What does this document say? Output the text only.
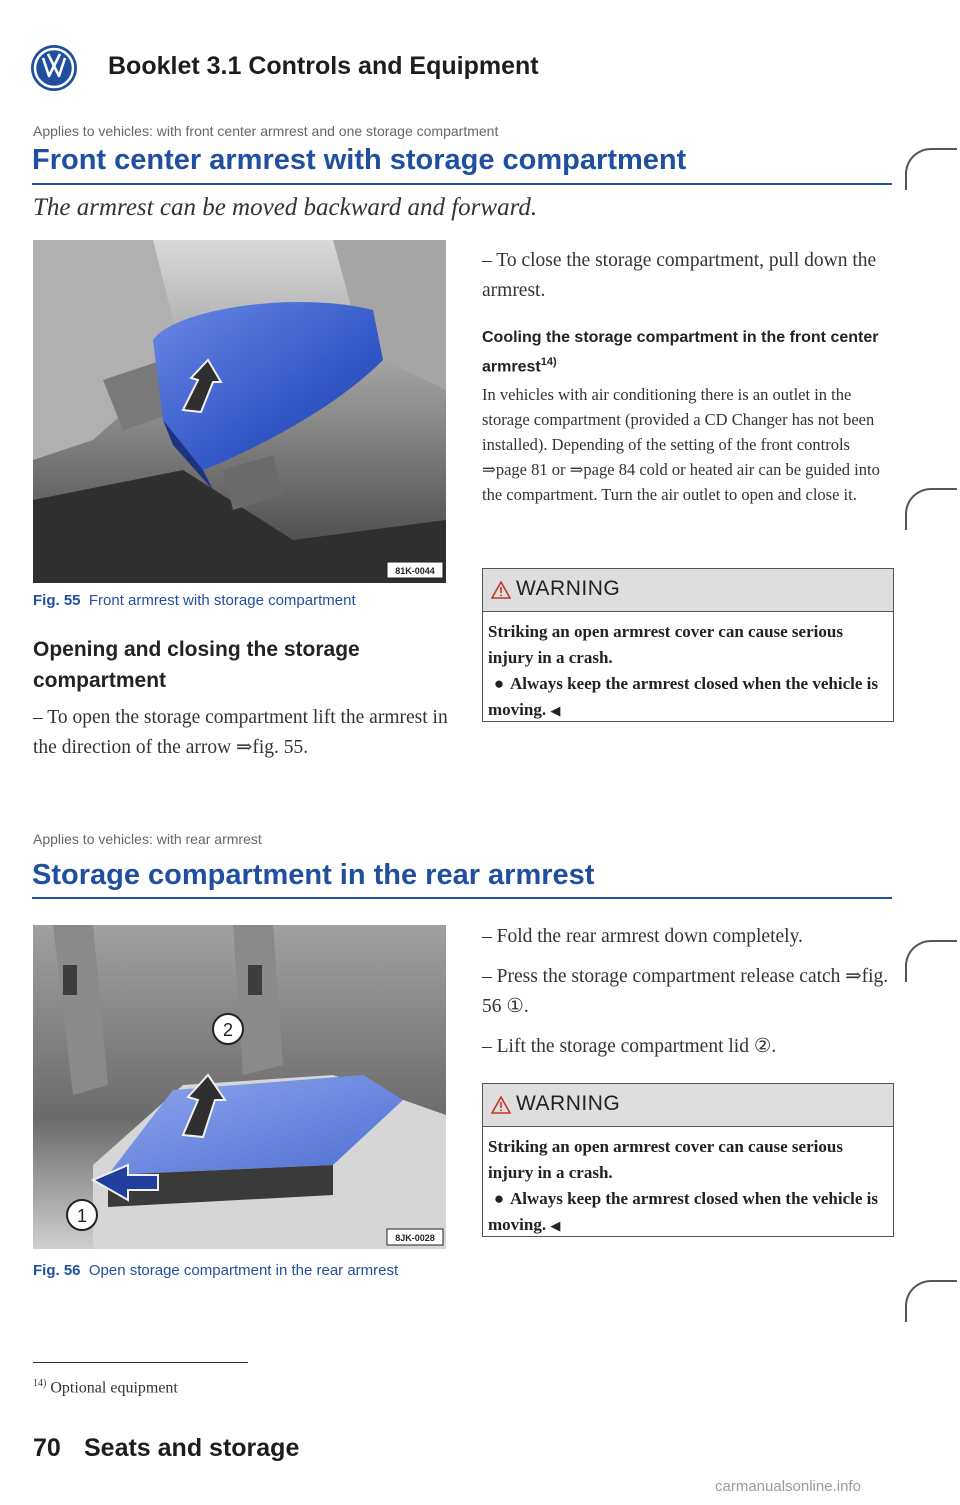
Booklet 3.1 Controls and Equipment
Applies to vehicles: with front center armrest and one storage compartment
Front center armrest with storage compartment
The armrest can be moved backward and forward.
81K-0044
Fig. 55 Front armrest with storage compartment
Opening and closing the storage compartment
– To open the storage compartment lift the armrest in the direction of the arrow ⇒fig. 55.
– To close the storage compartment, pull down the armrest.
Cooling the storage compartment in the front center armrest$^{14)}$
In vehicles with air conditioning there is an outlet in the storage compartment (provided a CD Changer has not been installed). Depending of the setting of the front controls ⇒page 81 or ⇒page 84 cold or heated air can be guided into the compartment. Turn the air outlet to open and close it.
WARNING
Striking an open armrest cover can cause serious injury in a crash.
● Always keep the armrest closed when the vehicle is moving. ◀
Applies to vehicles: with rear armrest
Storage compartment in the rear armrest
1
2
8JK-0028
Fig. 56 Open storage compartment in the rear armrest
– Fold the rear armrest down completely.
– Press the storage compartment release catch ⇒fig. 56 ①.
– Lift the storage compartment lid ②.
WARNING
Striking an open armrest cover can cause serious injury in a crash.
● Always keep the armrest closed when the vehicle is moving. ◀
$^{14)}$ Optional equipment
70 Seats and storage
carmanualsonline.info
